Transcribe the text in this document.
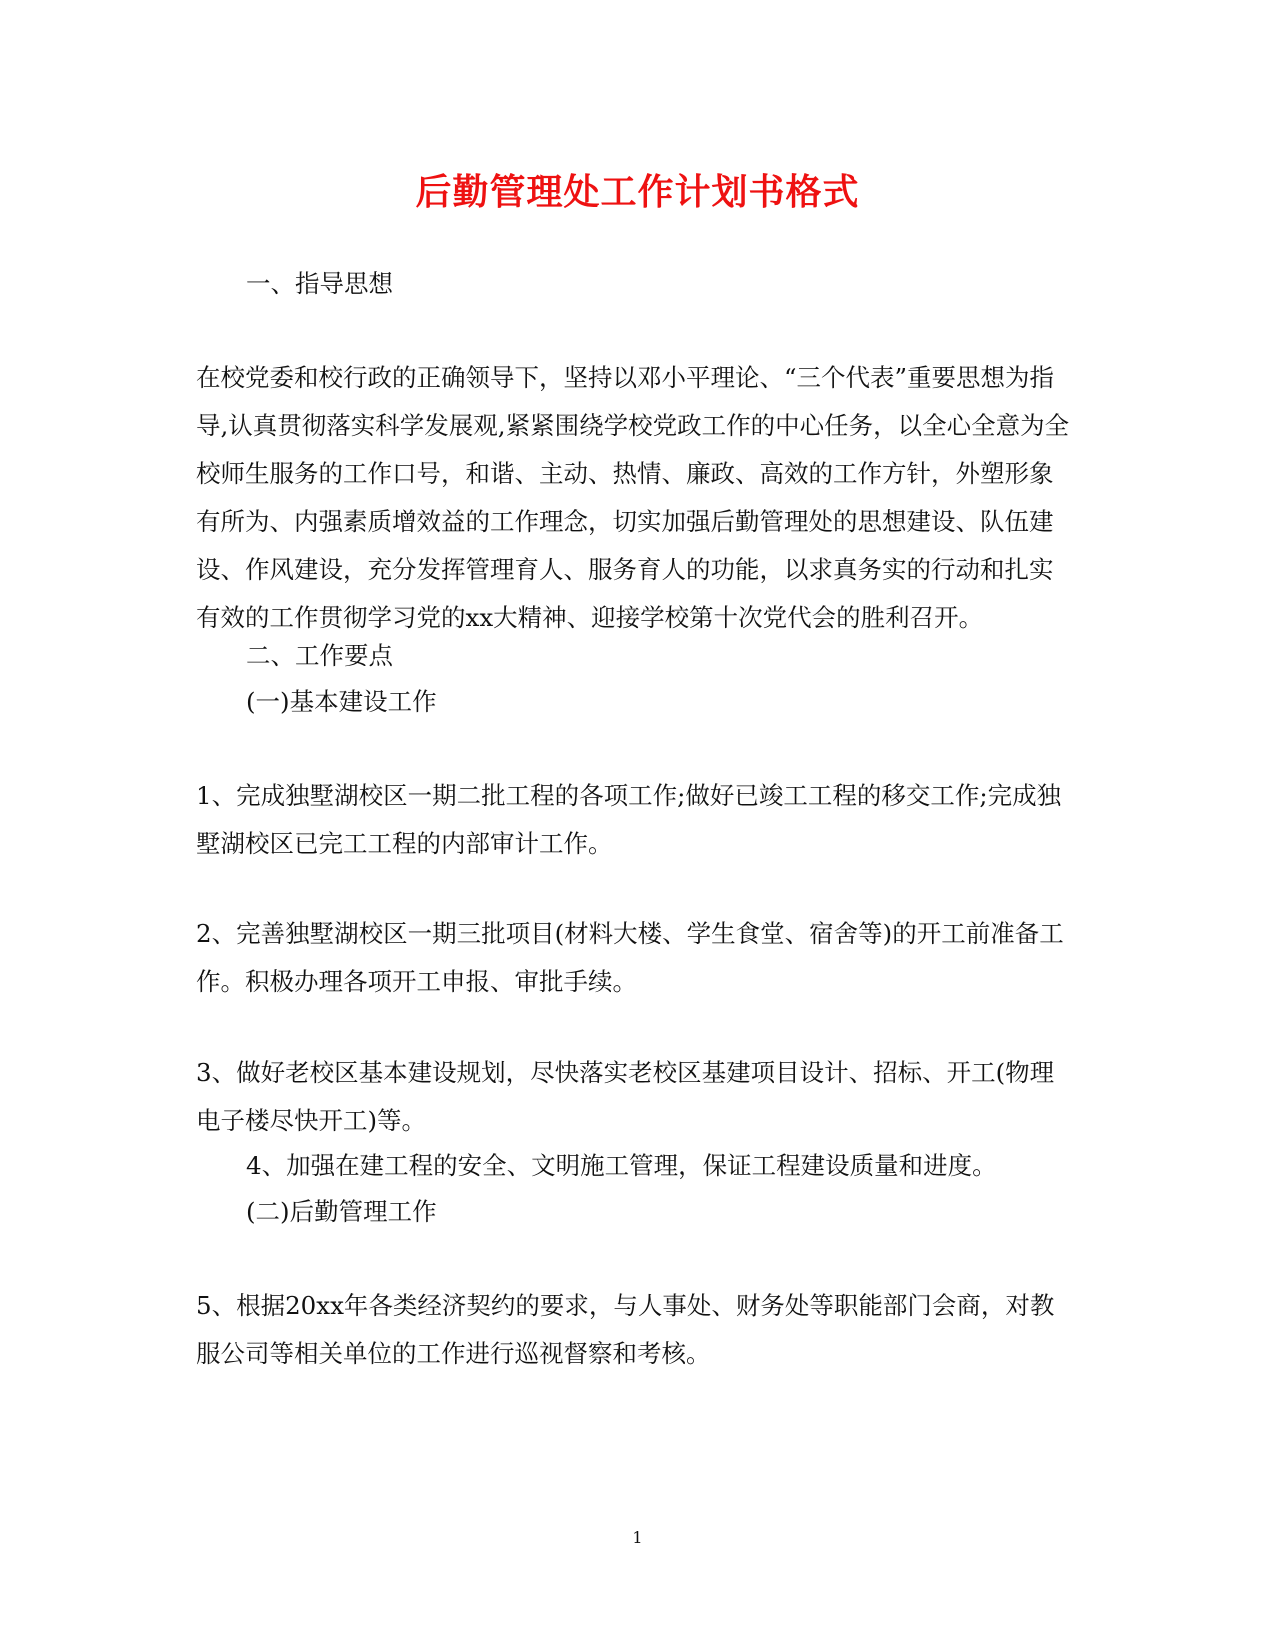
后勤管理处工作计划书格式

一、指导思想

在校党委和校行政的正确领导下，坚持以邓小平理论、“三个代表”重要思想为指导,认真贯彻落实科学发展观,紧紧围绕学校党政工作的中心任务，以全心全意为全校师生服务的工作口号，和谐、主动、热情、廉政、高效的工作方针，外塑形象有所为、内强素质增效益的工作理念，切实加强后勤管理处的思想建设、队伍建设、作风建设，充分发挥管理育人、服务育人的功能，以求真务实的行动和扎实有效的工作贯彻学习党的xx大精神、迎接学校第十次党代会的胜利召开。

二、工作要点

(一)基本建设工作

1、完成独墅湖校区一期二批工程的各项工作;做好已竣工工程的移交工作;完成独墅湖校区已完工工程的内部审计工作。

2、完善独墅湖校区一期三批项目(材料大楼、学生食堂、宿舍等)的开工前准备工作。积极办理各项开工申报、审批手续。

3、做好老校区基本建设规划，尽快落实老校区基建项目设计、招标、开工(物理电子楼尽快开工)等。

4、加强在建工程的安全、文明施工管理，保证工程建设质量和进度。

(二)后勤管理工作

5、根据20xx年各类经济契约的要求，与人事处、财务处等职能部门会商，对教服公司等相关单位的工作进行巡视督察和考核。

1
